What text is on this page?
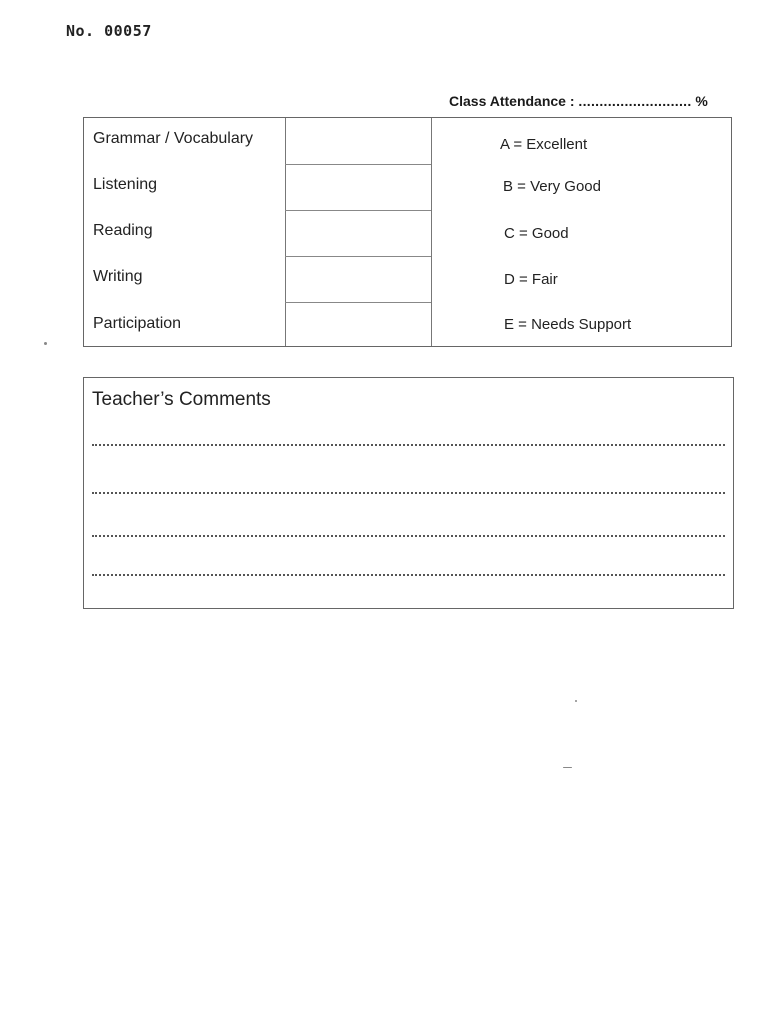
No. 00057
Class Attendance : ........................... %
Grammar / Vocabulary
Listening
Reading
Writing
Participation
A = Excellent
B = Very Good
C = Good
D = Fair
E = Needs Support
Teacher’s Comments
